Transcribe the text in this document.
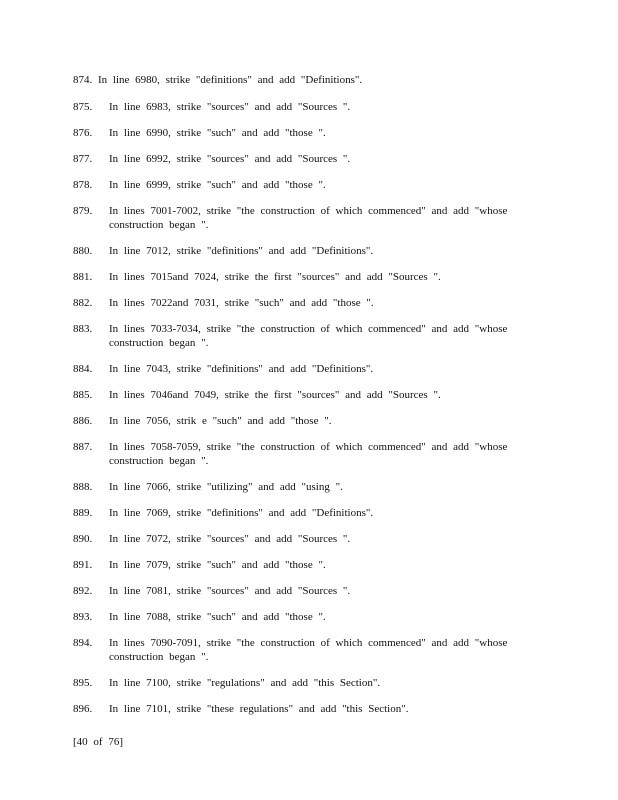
874. In line 6980, strike "definitions" and add "Definitions".
875.	In line 6983, strike "sources" and add "Sources ".
876.	In line 6990, strike "such" and add "those ".
877.	In line 6992, strike "sources" and add "Sources ".
878.	In line 6999, strike "such" and add "those ".
879.	In lines 7001-7002, strike "the construction of which commenced" and add "whose construction began ".
880.	In line 7012, strike "definitions" and add "Definitions".
881.	In lines 7015and 7024, strike the first "sources" and add "Sources ".
882.	In lines 7022and 7031, strike "such" and add "those ".
883.	In lines 7033-7034, strike "the construction of which commenced" and add "whose construction began ".
884.	In line 7043, strike "definitions" and add "Definitions".
885.	In lines 7046and 7049, strike the first "sources" and add "Sources ".
886.	In line 7056, strik e "such" and add "those ".
887.	In lines 7058-7059, strike "the construction of which commenced" and add "whose construction began ".
888.	In line 7066, strike "utilizing" and add "using ".
889.	In line 7069, strike "definitions" and add "Definitions".
890.	In line 7072, strike "sources" and add "Sources ".
891.	In line 7079, strike "such" and add "those ".
892.	In line 7081, strike "sources" and add "Sources ".
893.	In line 7088, strike "such" and add "those ".
894.	In lines 7090-7091, strike "the construction of which commenced" and add "whose construction began ".
895.	In line 7100, strike "regulations" and add "this Section".
896.	In line 7101, strike "these regulations" and add "this Section".
[40 of 76]
